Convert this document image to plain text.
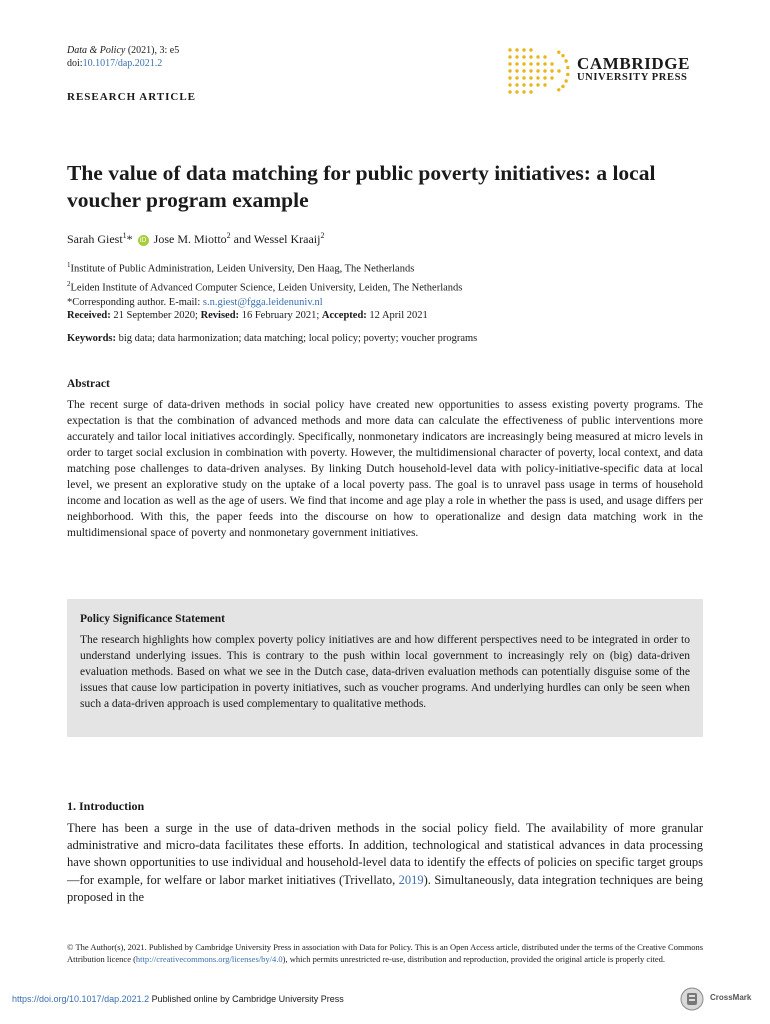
Data & Policy (2021), 3: e5
doi:10.1017/dap.2021.2	CAMBRIDGE
UNIVERSITY PRESS
RESEARCH ARTICLE
The value of data matching for public poverty initiatives: a local voucher program example
Sarah Giest$^1$* iD Jose M. Miotto$^2$ and Wessel Kraaij$^2$
$^1$Institute of Public Administration, Leiden University, Den Haag, The Netherlands
$^2$Leiden Institute of Advanced Computer Science, Leiden University, Leiden, The Netherlands
*Corresponding author. E-mail: s.n.giest@fgga.leidenuniv.nl
Received: 21 September 2020; Revised: 16 February 2021; Accepted: 12 April 2021
Keywords: big data; data harmonization; data matching; local policy; poverty; voucher programs
Abstract
The recent surge of data-driven methods in social policy have created new opportunities to assess existing poverty programs. The expectation is that the combination of advanced methods and more data can calculate the effectiveness of public interventions more accurately and tailor local initiatives accordingly. Specifically, nonmonetary indicators are increasingly being measured at micro levels in order to target social exclusion in combination with poverty. However, the multidimensional character of poverty, local context, and data matching pose challenges to data-driven analyses. By linking Dutch household-level data with policy-initiative-specific data at local level, we present an explorative study on the uptake of a local poverty pass. The goal is to unravel pass usage in terms of household income and location as well as the age of users. We find that income and age play a role in whether the pass is used, and usage differs per neighborhood. With this, the paper feeds into the discourse on how to operationalize and design data matching work in the multidimensional space of poverty and nonmonetary government initiatives.
Policy Significance Statement
The research highlights how complex poverty policy initiatives are and how different perspectives need to be integrated in order to understand underlying issues. This is contrary to the push within local government to increasingly rely on (big) data-driven evaluation methods. Based on what we see in the Dutch case, data-driven evaluation methods can potentially disguise some of the issues that cause low participation in poverty initiatives, such as voucher programs. And underlying hurdles can only be seen when such a data-driven approach is used complementary to qualitative methods.
1. Introduction
There has been a surge in the use of data-driven methods in the social policy field. The availability of more granular administrative and micro-data facilitates these efforts. In addition, technological and statistical advances in data processing have shown opportunities to use individual and household-level data to identify the effects of policies on specific target groups—for example, for welfare or labor market initiatives (Trivellato, 2019). Simultaneously, data integration techniques are being proposed in the
© The Author(s), 2021. Published by Cambridge University Press in association with Data for Policy. This is an Open Access article, distributed under the terms of the Creative Commons Attribution licence (http://creativecommons.org/licenses/by/4.0), which permits unrestricted re-use, distribution and reproduction, provided the original article is properly cited.
https://doi.org/10.1017/dap.2021.2 Published online by Cambridge University Press	CrossMark
